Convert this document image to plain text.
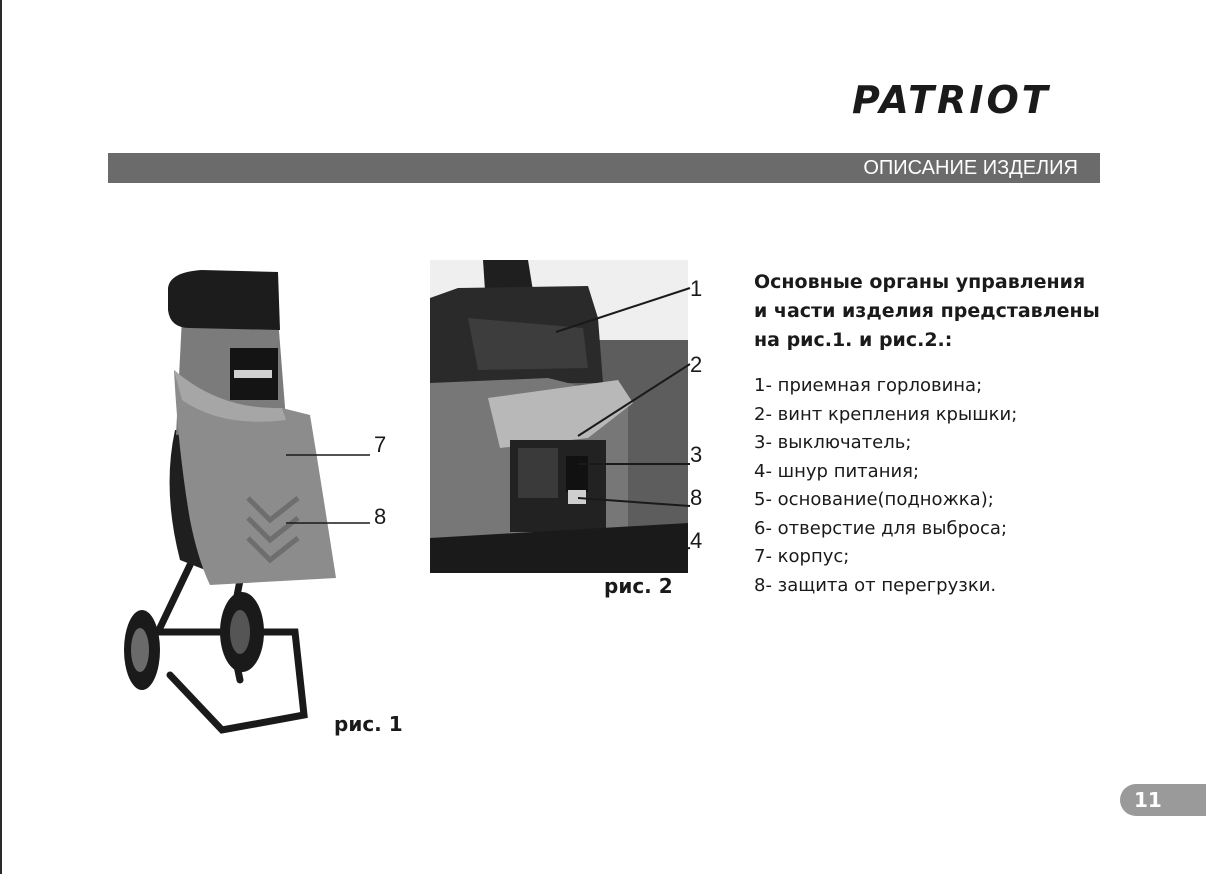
PATRIOT
ОПИСАНИЕ ИЗДЕЛИЯ
7
8
рис. 1
1
2
3
8
4
рис. 2
Основные органы управления и части изделия представлены на рис.1. и рис.2.:
1- приемная горловина;
2- винт крепления крышки;
3- выключатель;
4- шнур питания;
5- основание(подножка);
6- отверстие для выброса;
7- корпус;
8- защита от перегрузки.
11
